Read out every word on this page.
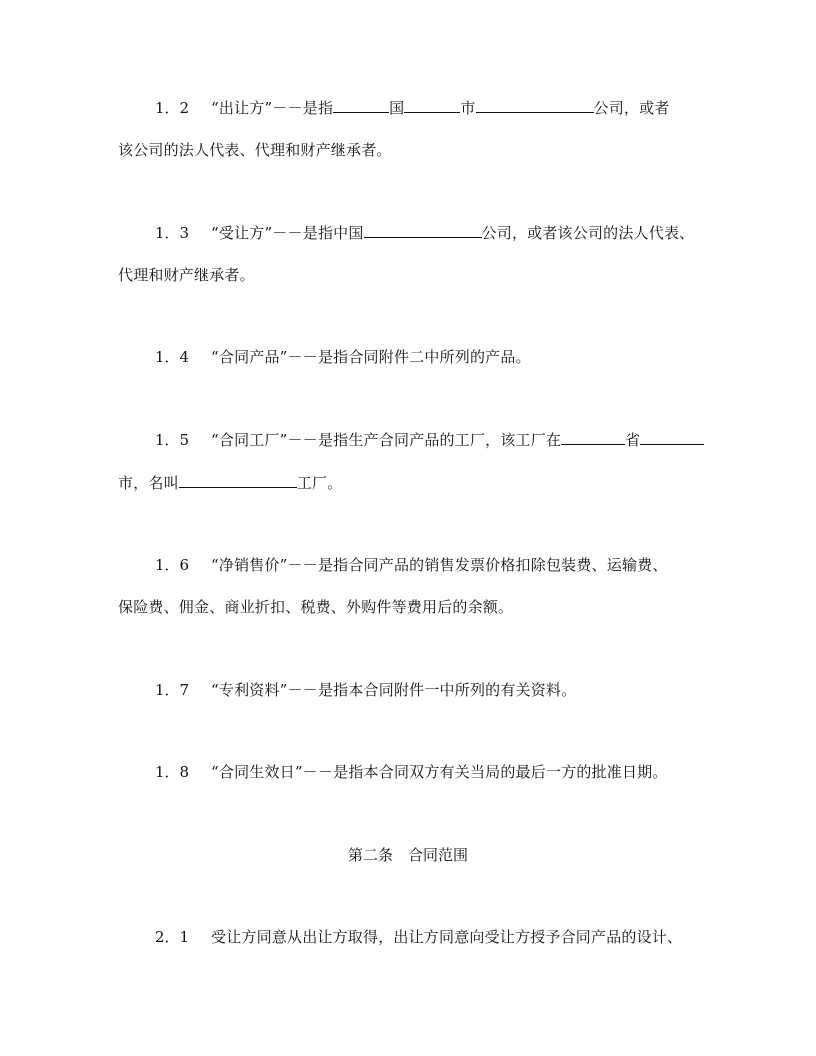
1．2 “出让方”－－是指	国	市	公司，或者
该公司的法人代表、代理和财产继承者。
1．3 “受让方”－－是指中国	公司，或者该公司的法人代表、
代理和财产继承者。
1．4 “合同产品”－－是指合同附件二中所列的产品。
1．5 “合同工厂”－－是指生产合同产品的工厂，该工厂在	省
市，名叫	工厂。
1．6 “净销售价”－－是指合同产品的销售发票价格扣除包装费、运输费、
保险费、佣金、商业折扣、税费、外购件等费用后的余额。
1．7 “专利资料”－－是指本合同附件一中所列的有关资料。
1．8 “合同生效日”－－是指本合同双方有关当局的最后一方的批准日期。
第二条　合同范围
2．1 受让方同意从出让方取得，出让方同意向受让方授予合同产品的设计、
